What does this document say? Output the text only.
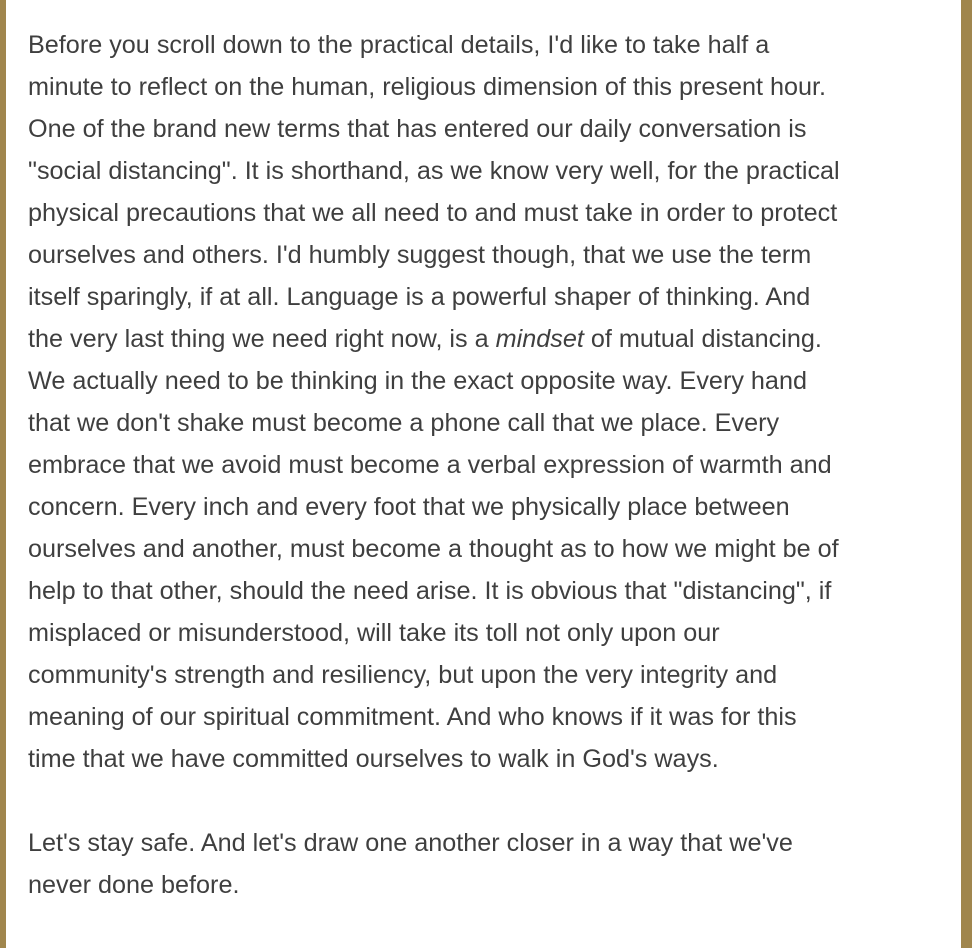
Before you scroll down to the practical details, I'd like to take half a
minute to reflect on the human, religious dimension of this present hour.
One of the brand new terms that has entered our daily conversation is
"social distancing". It is shorthand, as we know very well, for the practical
physical precautions that we all need to and must take in order to protect
ourselves and others. I'd humbly suggest though, that we use the term
itself sparingly, if at all. Language is a powerful shaper of thinking. And
the very last thing we need right now, is a mindset of mutual distancing.
We actually need to be thinking in the exact opposite way. Every hand
that we don't shake must become a phone call that we place. Every
embrace that we avoid must become a verbal expression of warmth and
concern. Every inch and every foot that we physically place between
ourselves and another, must become a thought as to how we might be of
help to that other, should the need arise. It is obvious that "distancing", if
misplaced or misunderstood, will take its toll not only upon our
community's strength and resiliency, but upon the very integrity and
meaning of our spiritual commitment. And who knows if it was for this
time that we have committed ourselves to walk in God's ways.

Let's stay safe. And let's draw one another closer in a way that we've
never done before.
